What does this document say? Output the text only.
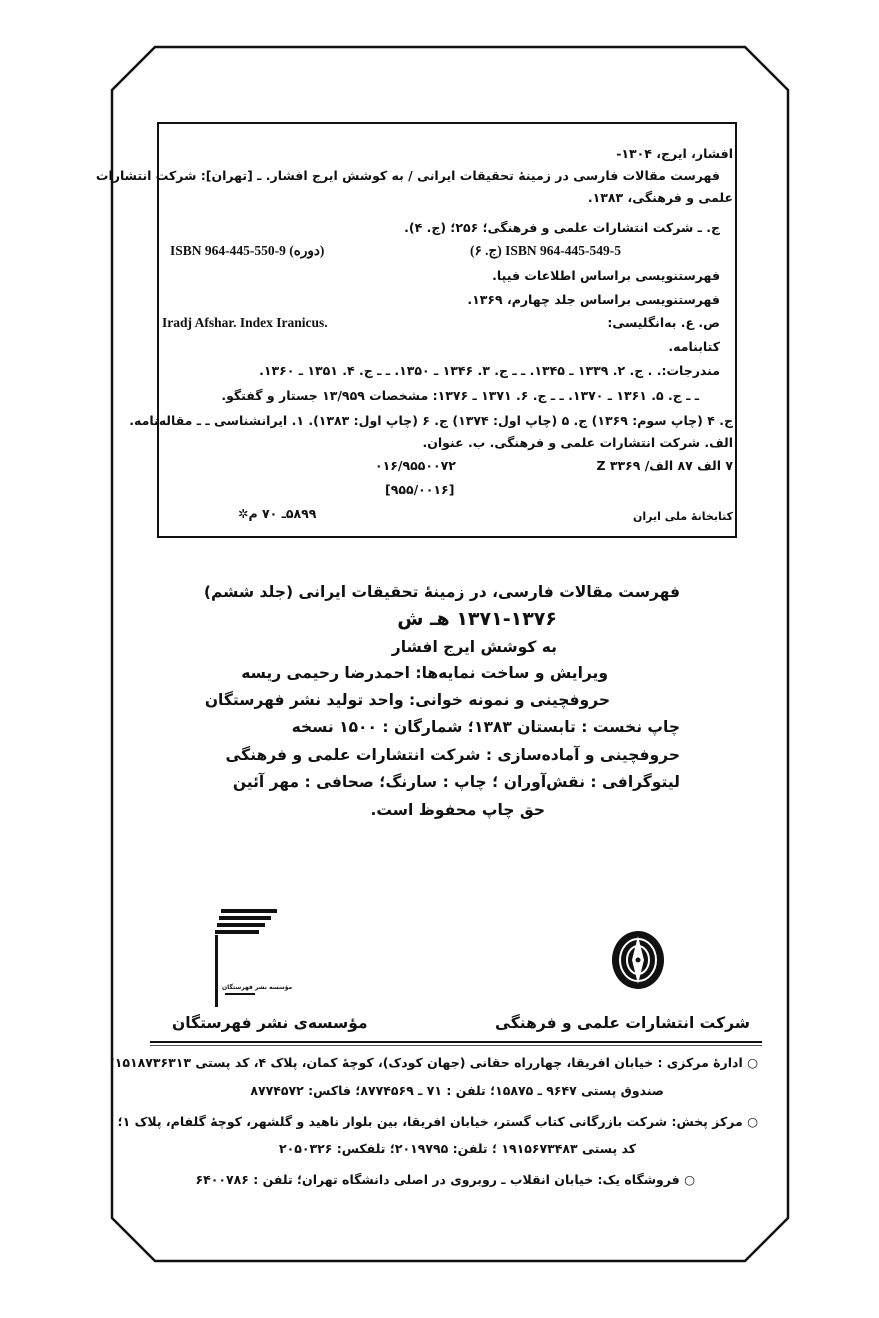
افشار، ایرج، ۱۳۰۴-
فهرست مقالات فارسی در زمینهٔ تحقیقات ایرانی / به کوشش ایرج افشار. ـ [تهران]: شرکت انتشارات
علمی و فرهنگی، ۱۳۸۳.
ج. ـ شرکت انتشارات علمی و فرهنگی؛ ۲۵۶؛ (ج. ۴).
(ج. ۶) ISBN 964-445-549-5
ISBN 964-445-550-9 (دوره)
فهرستنویسی براساس اطلاعات فیپا.
فهرستنویسی براساس جلد چهارم، ۱۳۶۹.
ص. ع. به‌انگلیسی:
Iradj Afshar. Index Iranicus.
کتابنامه.
مندرجات:. . ج. ۲. ۱۳۳۹ ـ ۱۳۴۵. ـ ـ ج. ۳. ۱۳۴۶ ـ ۱۳۵۰. ـ ـ ج. ۴. ۱۳۵۱ ـ ۱۳۶۰.
ـ ـ ج. ۵. ۱۳۶۱ ـ ۱۳۷۰. ـ ـ ج. ۶. ۱۳۷۱ ـ ۱۳۷۶: مشخصات ۱۳/۹۵۹ جستار و گفتگو.
ج. ۴ (چاپ سوم: ۱۳۶۹) ج. ۵ (چاپ اول: ۱۳۷۴) ج. ۶ (چاپ اول: ۱۳۸۳). ۱. ایرانشناسی ـ ـ مقاله‌نامه.
الف. شرکت انتشارات علمی و فرهنگی. ب. عنوان.
۷ الف ۸۷ الف/ Z ۳۳۶۹
۰۱۶/۹۵۵۰۰۷۲
[۹۵۵/۰۰۱۶]
کتابخانهٔ ملی ایران
۵۸۹۹ـ ۷۰ م✲
فهرست مقالات فارسی، در زمینهٔ تحقیقات ایرانی (جلد ششم)
۱۳۷۱-۱۳۷۶ هـ ش
به کوشش ایرج افشار
ویرایش و ساخت نمایه‌ها: احمدرضا رحیمی ریسه
حروفچینی و نمونه خوانی: واحد تولید نشر فهرستگان
چاپ نخست : تابستان ۱۳۸۳؛ شمارگان : ۱۵۰۰ نسخه
حروفچینی و آماده‌سازی : شرکت انتشارات علمی و فرهنگی
لیتوگرافی : نقش‌آوران ؛ چاپ : سارنگ؛ صحافی : مهر آئین
حق چاپ محفوظ است.
مؤسسه نشر فهرستگان
شرکت انتشارات علمی و فرهنگی
مؤسسه‌ی نشر فهرستگان
○ ادارهٔ مرکزی : خیابان افریقا، چهارراه حقانی (جهان کودک)، کوچهٔ کمان، پلاک ۴، کد پستی ۱۵۱۸۷۳۶۳۱۳؛
صندوق پستی ۹۶۴۷ ـ ۱۵۸۷۵؛ تلفن : ۷۱ ـ ۸۷۷۴۵۶۹؛ فاکس: ۸۷۷۴۵۷۲
○ مرکز پخش: شرکت بازرگانی کتاب گستر، خیابان افریقا، بین بلوار ناهید و گلشهر، کوچهٔ گلفام، پلاک ۱؛
کد پستی ۱۹۱۵۶۷۳۴۸۳ ؛ تلفن: ۲۰۱۹۷۹۵؛ تلفکس: ۲۰۵۰۳۲۶
○ فروشگاه یک: خیابان انقلاب ـ روبروی در اصلی دانشگاه تهران؛ تلفن : ۶۴۰۰۷۸۶
